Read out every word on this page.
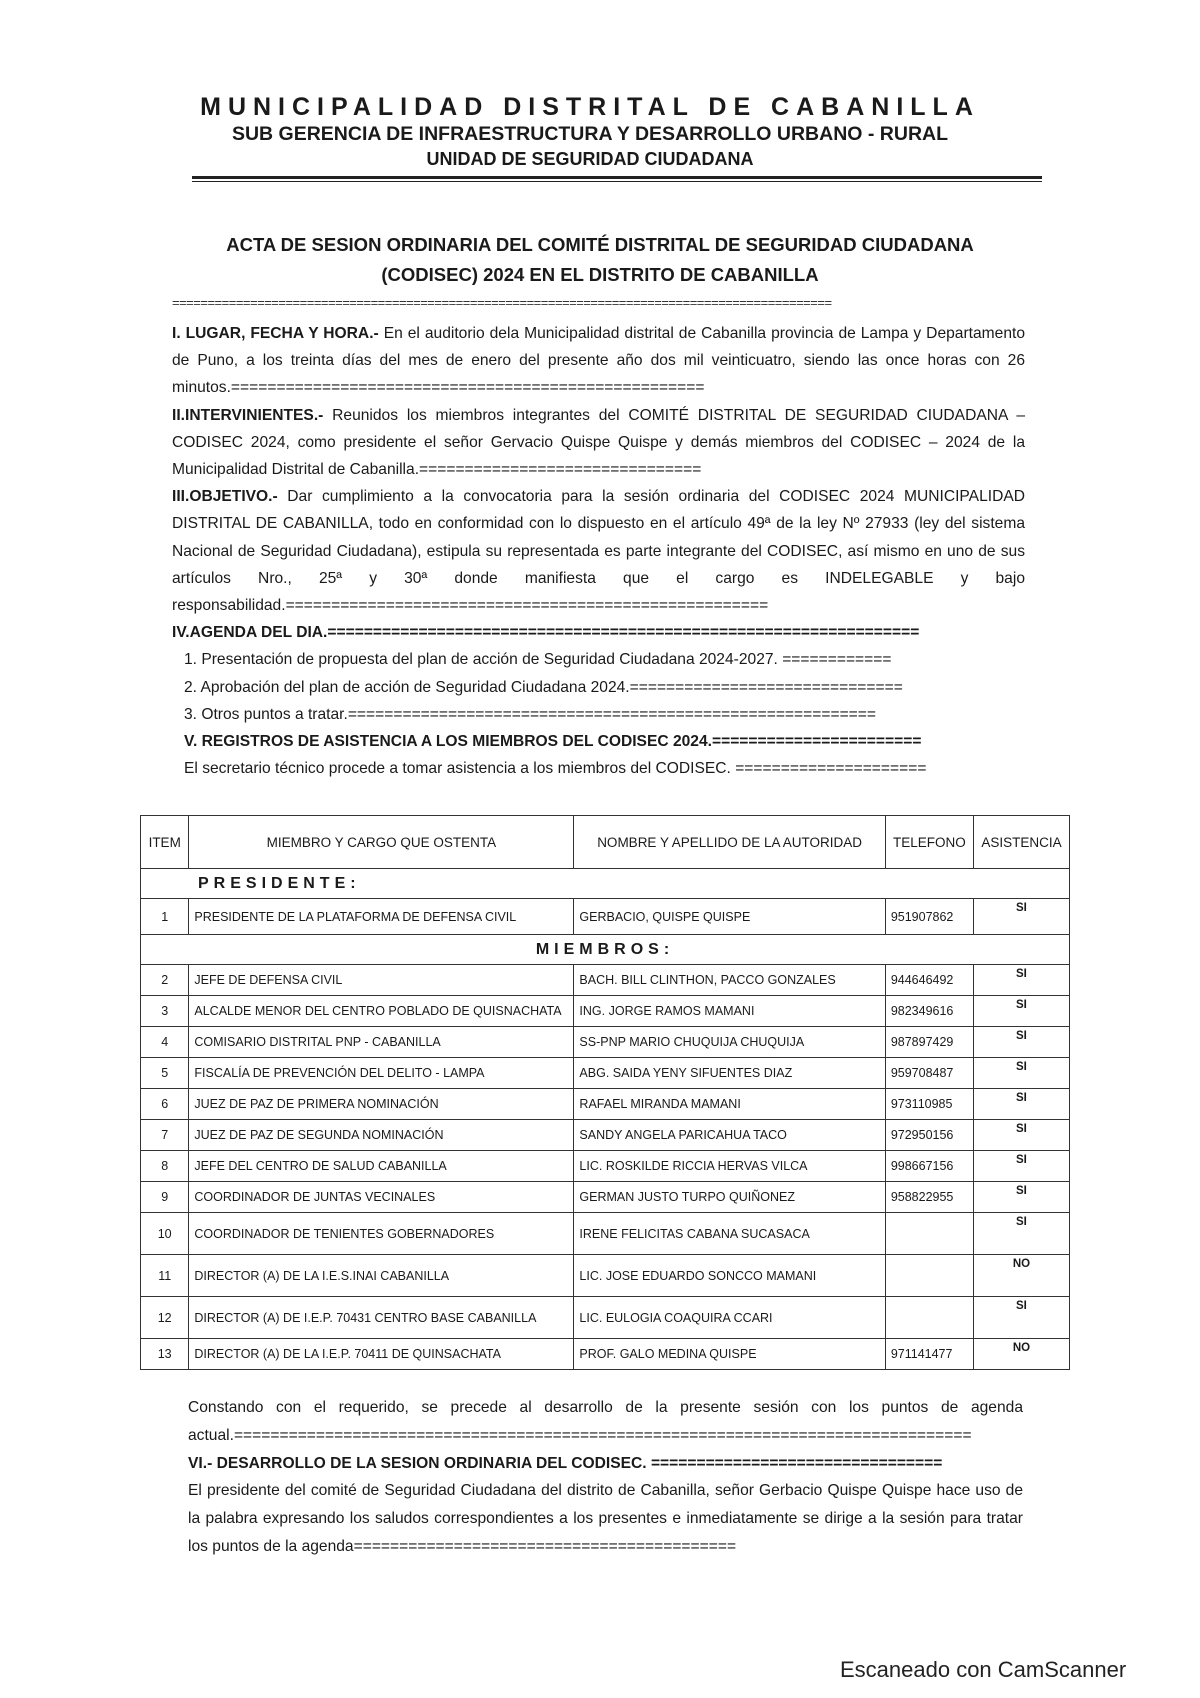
MUNICIPALIDAD DISTRITAL DE CABANILLA

SUB GERENCIA DE INFRAESTRUCTURA Y DESARROLLO URBANO - RURAL

UNIDAD DE SEGURIDAD CIUDADANA

ACTA DE SESION ORDINARIA DEL COMITÉ DISTRITAL DE SEGURIDAD CIUDADANA
(CODISEC) 2024 EN EL DISTRITO DE CABANILLA
=============================================================================================

I. LUGAR, FECHA Y HORA.- En el auditorio dela Municipalidad distrital de Cabanilla provincia de Lampa y Departamento de Puno, a los treinta días del mes de enero del presente año dos mil veinticuatro, siendo las once horas con 26 minutos.====================================================

II.INTERVINIENTES.- Reunidos los miembros integrantes del COMITÉ DISTRITAL DE SEGURIDAD CIUDADANA – CODISEC 2024, como presidente el señor Gervacio Quispe Quispe y demás miembros del CODISEC – 2024 de la Municipalidad Distrital de Cabanilla.===============================

III.OBJETIVO.- Dar cumplimiento a la convocatoria para la sesión ordinaria del CODISEC 2024 MUNICIPALIDAD DISTRITAL DE CABANILLA, todo en conformidad con lo dispuesto en el artículo 49ª de la ley Nº 27933 (ley del sistema Nacional de Seguridad Ciudadana), estipula su representada es parte integrante del CODISEC, así mismo en uno de sus artículos Nro., 25ª y 30ª donde manifiesta que el cargo es INDELEGABLE y bajo responsabilidad.=====================================================

IV.AGENDA DEL DIA.=================================================================

1. Presentación de propuesta del plan de acción de Seguridad Ciudadana 2024-2027. ============

2. Aprobación del plan de acción de Seguridad Ciudadana 2024.==============================

3. Otros puntos a tratar.==========================================================

V. REGISTROS DE ASISTENCIA A LOS MIEMBROS DEL CODISEC 2024.=======================

El secretario técnico procede a tomar asistencia a los miembros del CODISEC. =====================

ITEM	MIEMBRO Y CARGO QUE OSTENTA	NOMBRE Y APELLIDO DE LA AUTORIDAD	TELEFONO	ASISTENCIA
PRESIDENTE:				
1	PRESIDENTE DE LA PLATAFORMA DE DEFENSA CIVIL	GERBACIO, QUISPE QUISPE	951907862	SI
MIEMBROS:				
2	JEFE DE DEFENSA CIVIL	BACH. BILL CLINTHON, PACCO GONZALES	944646492	SI
3	ALCALDE MENOR DEL CENTRO POBLADO DE QUISNACHATA	ING. JORGE RAMOS MAMANI	982349616	SI
4	COMISARIO DISTRITAL PNP - CABANILLA	SS-PNP MARIO CHUQUIJA CHUQUIJA	987897429	SI
5	FISCALÍA DE PREVENCIÓN DEL DELITO - LAMPA	ABG. SAIDA YENY SIFUENTES DIAZ	959708487	SI
6	JUEZ DE PAZ DE PRIMERA NOMINACIÓN	RAFAEL MIRANDA MAMANI	973110985	SI
7	JUEZ DE PAZ DE SEGUNDA NOMINACIÓN	SANDY ANGELA PARICAHUA TACO	972950156	SI
8	JEFE DEL CENTRO DE SALUD CABANILLA	LIC. ROSKILDE RICCIA HERVAS VILCA	998667156	SI
9	COORDINADOR DE JUNTAS VECINALES	GERMAN JUSTO TURPO QUIÑONEZ	958822955	SI
10	COORDINADOR DE TENIENTES GOBERNADORES	IRENE FELICITAS CABANA SUCASACA		SI
11	DIRECTOR (A) DE LA I.E.S.INAI CABANILLA	LIC. JOSE EDUARDO SONCCO MAMANI		NO
12	DIRECTOR (A) DE I.E.P. 70431 CENTRO BASE CABANILLA	LIC. EULOGIA COAQUIRA CCARI		SI
13	DIRECTOR (A) DE LA I.E.P. 70411 DE QUINSACHATA	PROF. GALO MEDINA QUISPE	971141477	NO

Constando con el requerido, se precede al desarrollo de la presente sesión con los puntos de agenda actual.=================================================================================

VI.- DESARROLLO DE LA SESION ORDINARIA DEL CODISEC. ================================

El presidente del comité de Seguridad Ciudadana del distrito de Cabanilla, señor Gerbacio Quispe Quispe hace uso de la palabra expresando los saludos correspondientes a los presentes e inmediatamente se dirige a la sesión para tratar los puntos de la agenda==========================================

Escaneado con CamScanner
